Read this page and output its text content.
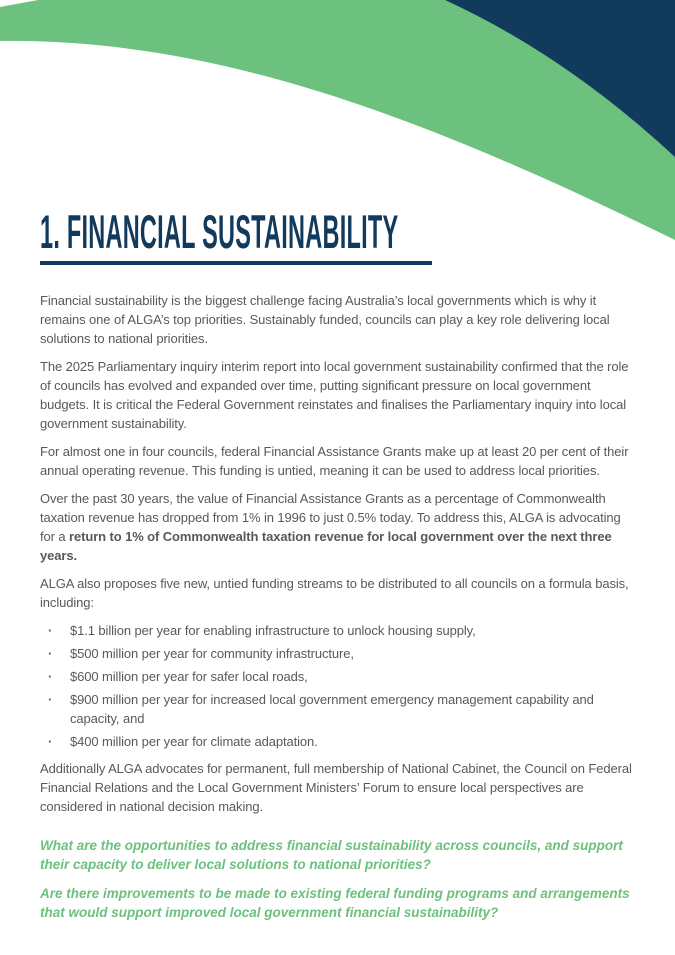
1. FINANCIAL SUSTAINABILITY

Financial sustainability is the biggest challenge facing Australia’s local governments which is why it remains one of ALGA’s top priorities. Sustainably funded, councils can play a key role delivering local solutions to national priorities.

The 2025 Parliamentary inquiry interim report into local government sustainability confirmed that the role of councils has evolved and expanded over time, putting significant pressure on local government budgets. It is critical the Federal Government reinstates and finalises the Parliamentary inquiry into local government sustainability.

For almost one in four councils, federal Financial Assistance Grants make up at least 20 per cent of their annual operating revenue. This funding is untied, meaning it can be used to address local priorities.

Over the past 30 years, the value of Financial Assistance Grants as a percentage of Commonwealth taxation revenue has dropped from 1% in 1996 to just 0.5% today. To address this, ALGA is advocating for a return to 1% of Commonwealth taxation revenue for local government over the next three years.

ALGA also proposes five new, untied funding streams to be distributed to all councils on a formula basis, including:

· $1.1 billion per year for enabling infrastructure to unlock housing supply,
· $500 million per year for community infrastructure,
· $600 million per year for safer local roads,
· $900 million per year for increased local government emergency management capability and capacity, and
· $400 million per year for climate adaptation.

Additionally ALGA advocates for permanent, full membership of National Cabinet, the Council on Federal Financial Relations and the Local Government Ministers’ Forum to ensure local perspectives are considered in national decision making.

What are the opportunities to address financial sustainability across councils, and support their capacity to deliver local solutions to national priorities?

Are there improvements to be made to existing federal funding programs and arrangements that would support improved local government financial sustainability?
